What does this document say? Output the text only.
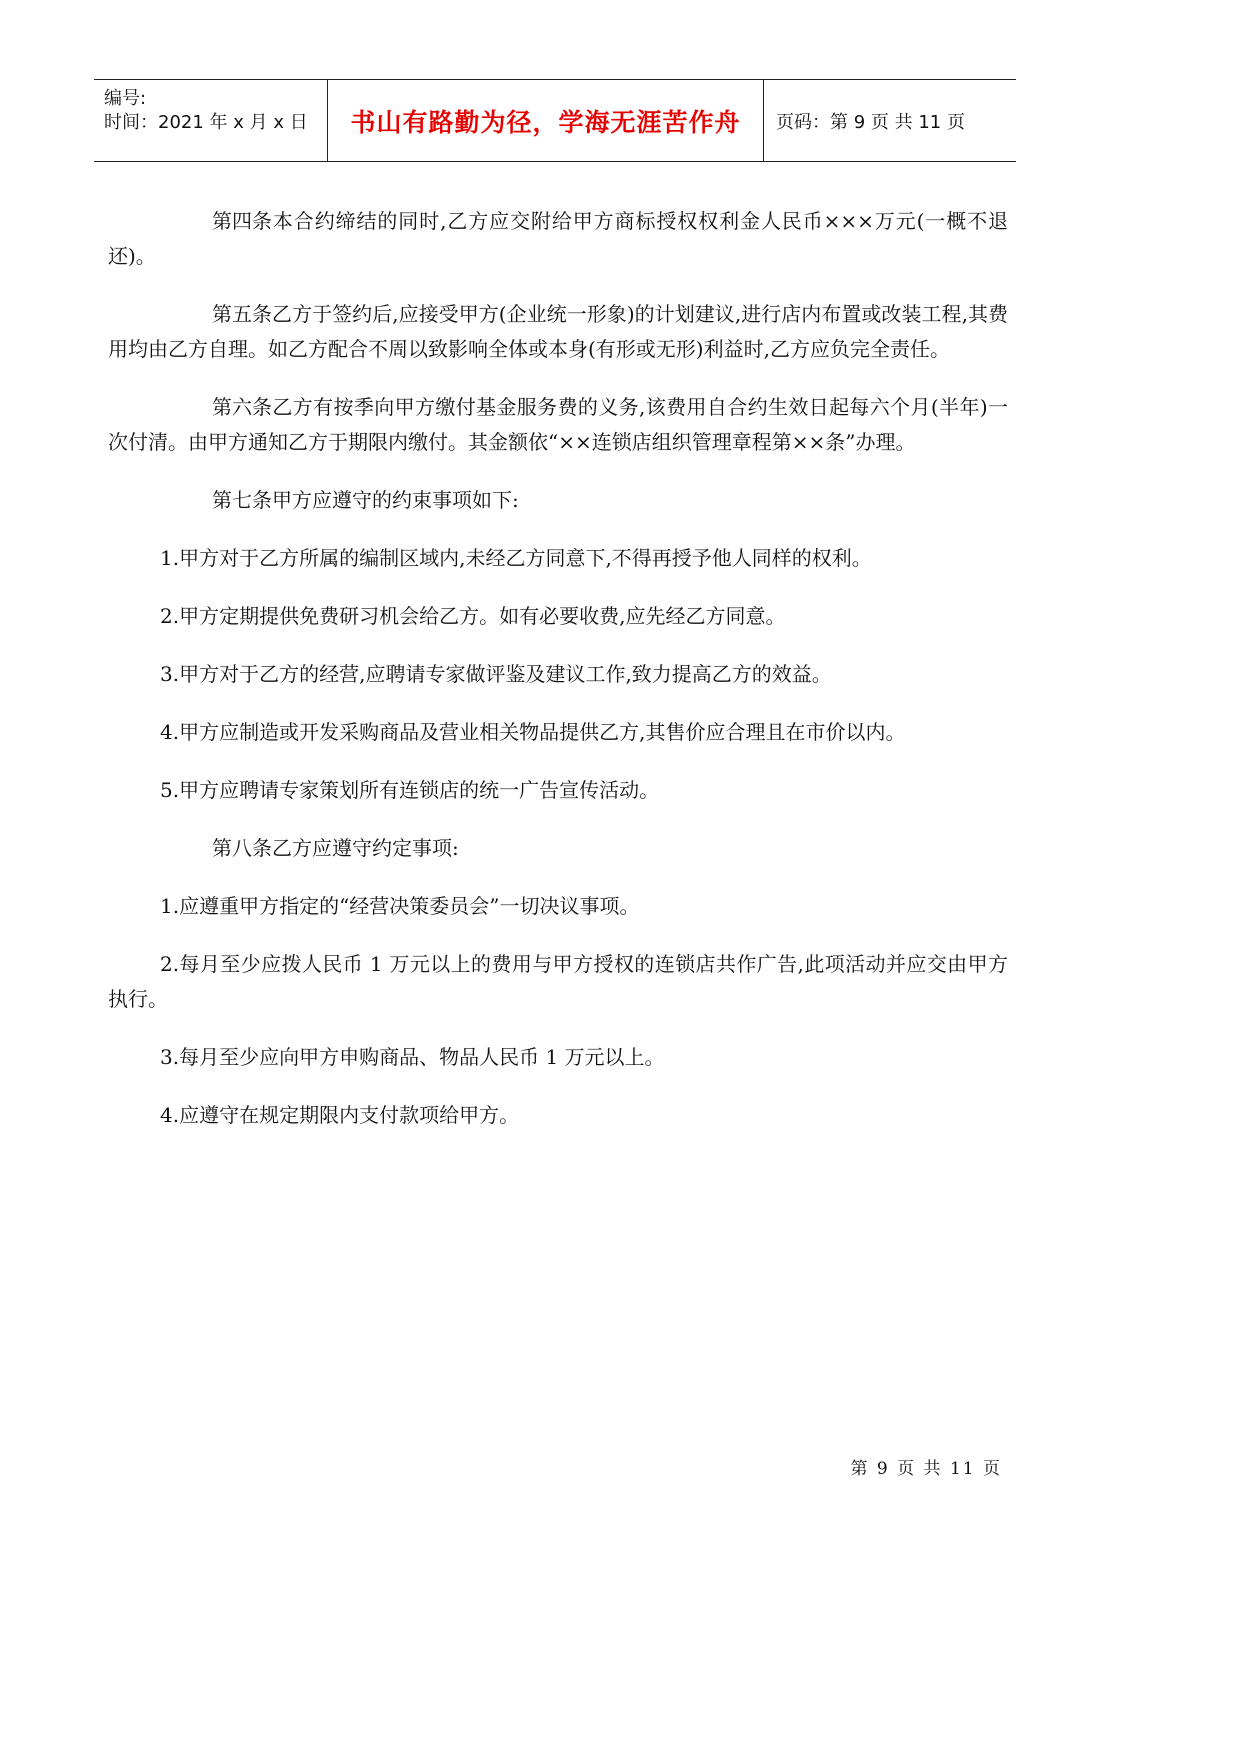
编号:
时间：2021 年 x 月 x 日 书山有路勤为径，学海无涯苦作舟 页码：第 9 页 共 11 页

第四条本合约缔结的同时,乙方应交附给甲方商标授权权利金人民币×××万元(一概不退还)。

第五条乙方于签约后,应接受甲方(企业统一形象)的计划建议,进行店内布置或改装工程,其费用均由乙方自理。如乙方配合不周以致影响全体或本身(有形或无形)利益时,乙方应负完全责任。

第六条乙方有按季向甲方缴付基金服务费的义务,该费用自合约生效日起每六个月(半年)一次付清。由甲方通知乙方于期限内缴付。其金额依“××连锁店组织管理章程第××条”办理。

第七条甲方应遵守的约束事项如下:

1.甲方对于乙方所属的编制区域内,未经乙方同意下,不得再授予他人同样的权利。

2.甲方定期提供免费研习机会给乙方。如有必要收费,应先经乙方同意。

3.甲方对于乙方的经营,应聘请专家做评鉴及建议工作,致力提高乙方的效益。

4.甲方应制造或开发采购商品及营业相关物品提供乙方,其售价应合理且在市价以内。

5.甲方应聘请专家策划所有连锁店的统一广告宣传活动。

第八条乙方应遵守约定事项:

1.应遵重甲方指定的“经营决策委员会”一切决议事项。

2.每月至少应拨人民币 1 万元以上的费用与甲方授权的连锁店共作广告,此项活动并应交由甲方执行。

3.每月至少应向甲方申购商品、物品人民币 1 万元以上。

4.应遵守在规定期限内支付款项给甲方。

第 9 页 共 11 页
